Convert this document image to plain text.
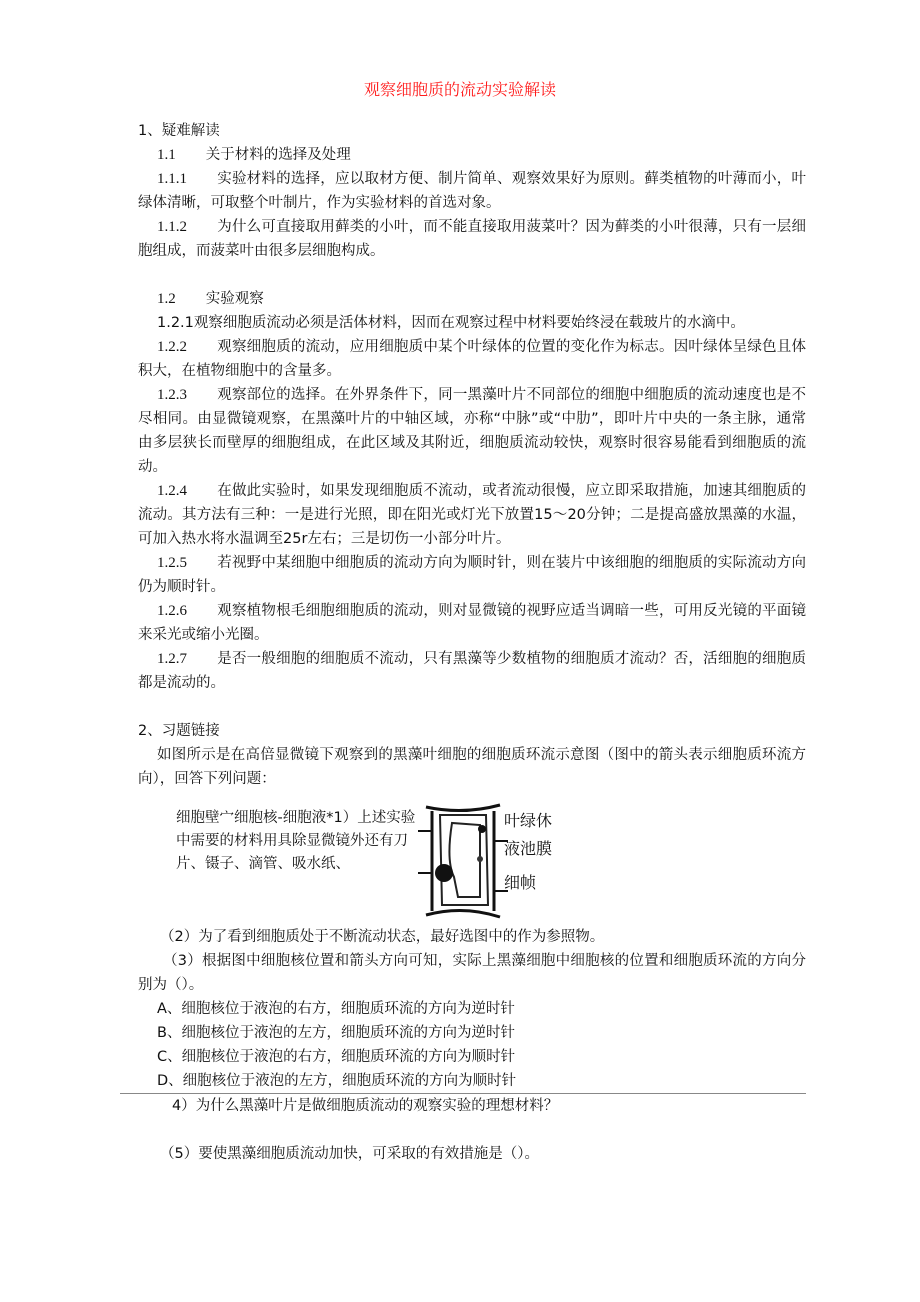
观察细胞质的流动实验解读
1、疑难解读
1.1 关于材料的选择及处理
1.1.1 实验材料的选择，应以取材方便、制片简单、观察效果好为原则。藓类植物的叶薄而小，叶绿体清晰，可取整个叶制片，作为实验材料的首选对象。
1.1.2 为什么可直接取用藓类的小叶，而不能直接取用菠菜叶？因为藓类的小叶很薄，只有一层细胞组成，而菠菜叶由很多层细胞构成。
1.2 实验观察
1.2.1观察细胞质流动必须是活体材料，因而在观察过程中材料要始终浸在载玻片的水滴中。
1.2.2 观察细胞质的流动，应用细胞质中某个叶绿体的位置的变化作为标志。因叶绿体呈绿色且体积大，在植物细胞中的含量多。
1.2.3 观察部位的选择。在外界条件下，同一黑藻叶片不同部位的细胞中细胞质的流动速度也是不尽相同。由显微镜观察，在黑藻叶片的中轴区域，亦称“中脉”或“中肋”，即叶片中央的一条主脉，通常由多层狭长而壁厚的细胞组成，在此区域及其附近，细胞质流动较快，观察时很容易能看到细胞质的流动。
1.2.4 在做此实验时，如果发现细胞质不流动，或者流动很慢，应立即采取措施，加速其细胞质的流动。其方法有三种：一是进行光照，即在阳光或灯光下放置15～20分钟；二是提高盛放黑藻的水温，可加入热水将水温调至25r左右；三是切伤一小部分叶片。
1.2.5 若视野中某细胞中细胞质的流动方向为顺时针，则在装片中该细胞的细胞质的实际流动方向仍为顺时针。
1.2.6 观察植物根毛细胞细胞质的流动，则对显微镜的视野应适当调暗一些，可用反光镜的平面镜来采光或缩小光圈。
1.2.7 是否一般细胞的细胞质不流动，只有黑藻等少数植物的细胞质才流动？否，活细胞的细胞质都是流动的。
2、习题链接
如图所示是在高倍显微镜下观察到的黑藻叶细胞的细胞质环流示意图（图中的箭头表示细胞质环流方向），回答下列问题：
细胞壁宀细胞核-细胞液*1）上述实验中需要的材料用具除显微镜外还有刀片、镊子、滴管、吸水纸、
叶绿休
液池膜
细帧
（2）为了看到细胞质处于不断流动状态，最好选图中的作为参照物。
（3）根据图中细胞核位置和箭头方向可知，实际上黑藻细胞中细胞核的位置和细胞质环流的方向分别为（）。
A、细胞核位于液泡的右方，细胞质环流的方向为逆时针
B、细胞核位于液泡的左方，细胞质环流的方向为逆时针
C、细胞核位于液泡的右方，细胞质环流的方向为顺时针
D、细胞核位于液泡的左方，细胞质环流的方向为顺时针
4）为什么黑藻叶片是做细胞质流动的观察实验的理想材料？
（5）要使黑藻细胞质流动加快，可采取的有效措施是（）。
